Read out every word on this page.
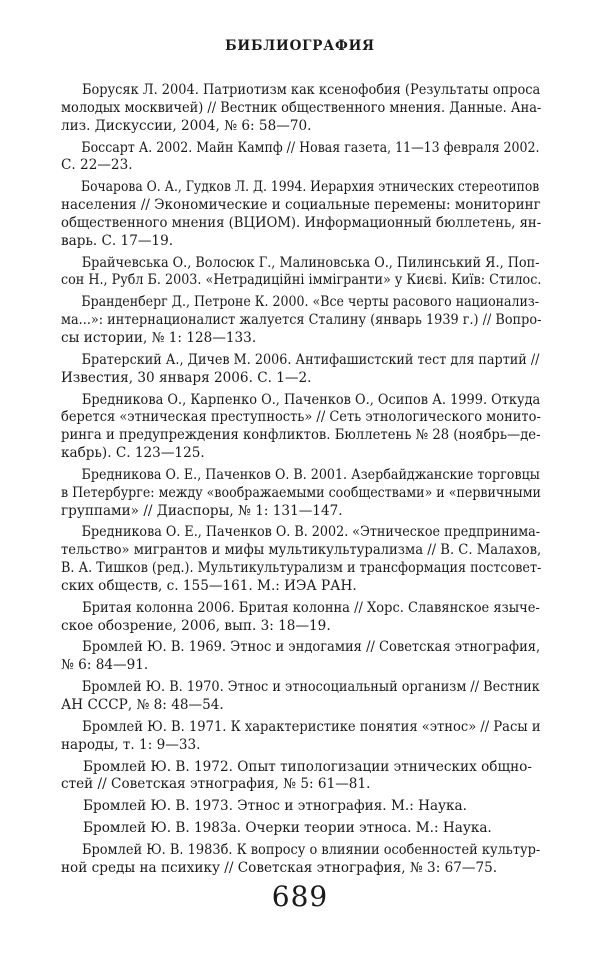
БИБЛИОГРАФИЯ
Борусяк Л. 2004. Патриотизм как ксенофобия (Результаты опроса
молодых москвичей) // Вестник общественного мнения. Данные. Ана-
лиз. Дискуссии, 2004, № 6: 58—70.
Боссарт А. 2002. Майн Кампф // Новая газета, 11—13 февраля 2002.
С. 22—23.
Бочарова О. А., Гудков Л. Д. 1994. Иерархия этнических стереотипов
населения // Экономические и социальные перемены: мониторинг
общественного мнения (ВЦИОМ). Информационный бюллетень, ян-
варь. С. 17—19.
Брайчевська О., Волосюк Г., Малиновська О., Пилинський Я., Поп-
сон Н., Рубл Б. 2003. «Нетрадиційні іммігранти» у Києві. Київ: Стилос.
Бранденберг Д., Петроне К. 2000. «Все черты расового национализ-
ма...»: интернационалист жалуется Сталину (январь 1939 г.) // Вопро-
сы истории, № 1: 128—133.
Братерский А., Дичев М. 2006. Антифашистский тест для партий //
Известия, 30 января 2006. С. 1—2.
Бредникова О., Карпенко О., Паченков О., Осипов А. 1999. Откуда
берется «этническая преступность» // Сеть этнологического монито-
ринга и предупреждения конфликтов. Бюллетень № 28 (ноябрь—де-
кабрь). С. 123—125.
Бредникова О. Е., Паченков О. В. 2001. Азербайджанские торговцы
в Петербурге: между «воображаемыми сообществами» и «первичными
группами» // Диаспоры, № 1: 131—147.
Бредникова О. Е., Паченков О. В. 2002. «Этническое предпринима-
тельство» мигрантов и мифы мультикультурализма // В. С. Малахов,
В. А. Тишков (ред.). Мультикультурализм и трансформация постсовет-
ских обществ, с. 155—161. М.: ИЭА РАН.
Бритая колонна 2006. Бритая колонна // Хорс. Славянское языче-
ское обозрение, 2006, вып. 3: 18—19.
Бромлей Ю. В. 1969. Этнос и эндогамия // Советская этнография,
№ 6: 84—91.
Бромлей Ю. В. 1970. Этнос и этносоциальный организм // Вестник
АН СССР, № 8: 48—54.
Бромлей Ю. В. 1971. К характеристике понятия «этнос» // Расы и
народы, т. 1: 9—33.
Бромлей Ю. В. 1972. Опыт типологизации этнических общно-
стей // Советская этнография, № 5: 61—81.
Бромлей Ю. В. 1973. Этнос и этнография. М.: Наука.
Бромлей Ю. В. 1983а. Очерки теории этноса. М.: Наука.
Бромлей Ю. В. 1983б. К вопросу о влиянии особенностей культур-
ной среды на психику // Советская этнография, № 3: 67—75.
689
